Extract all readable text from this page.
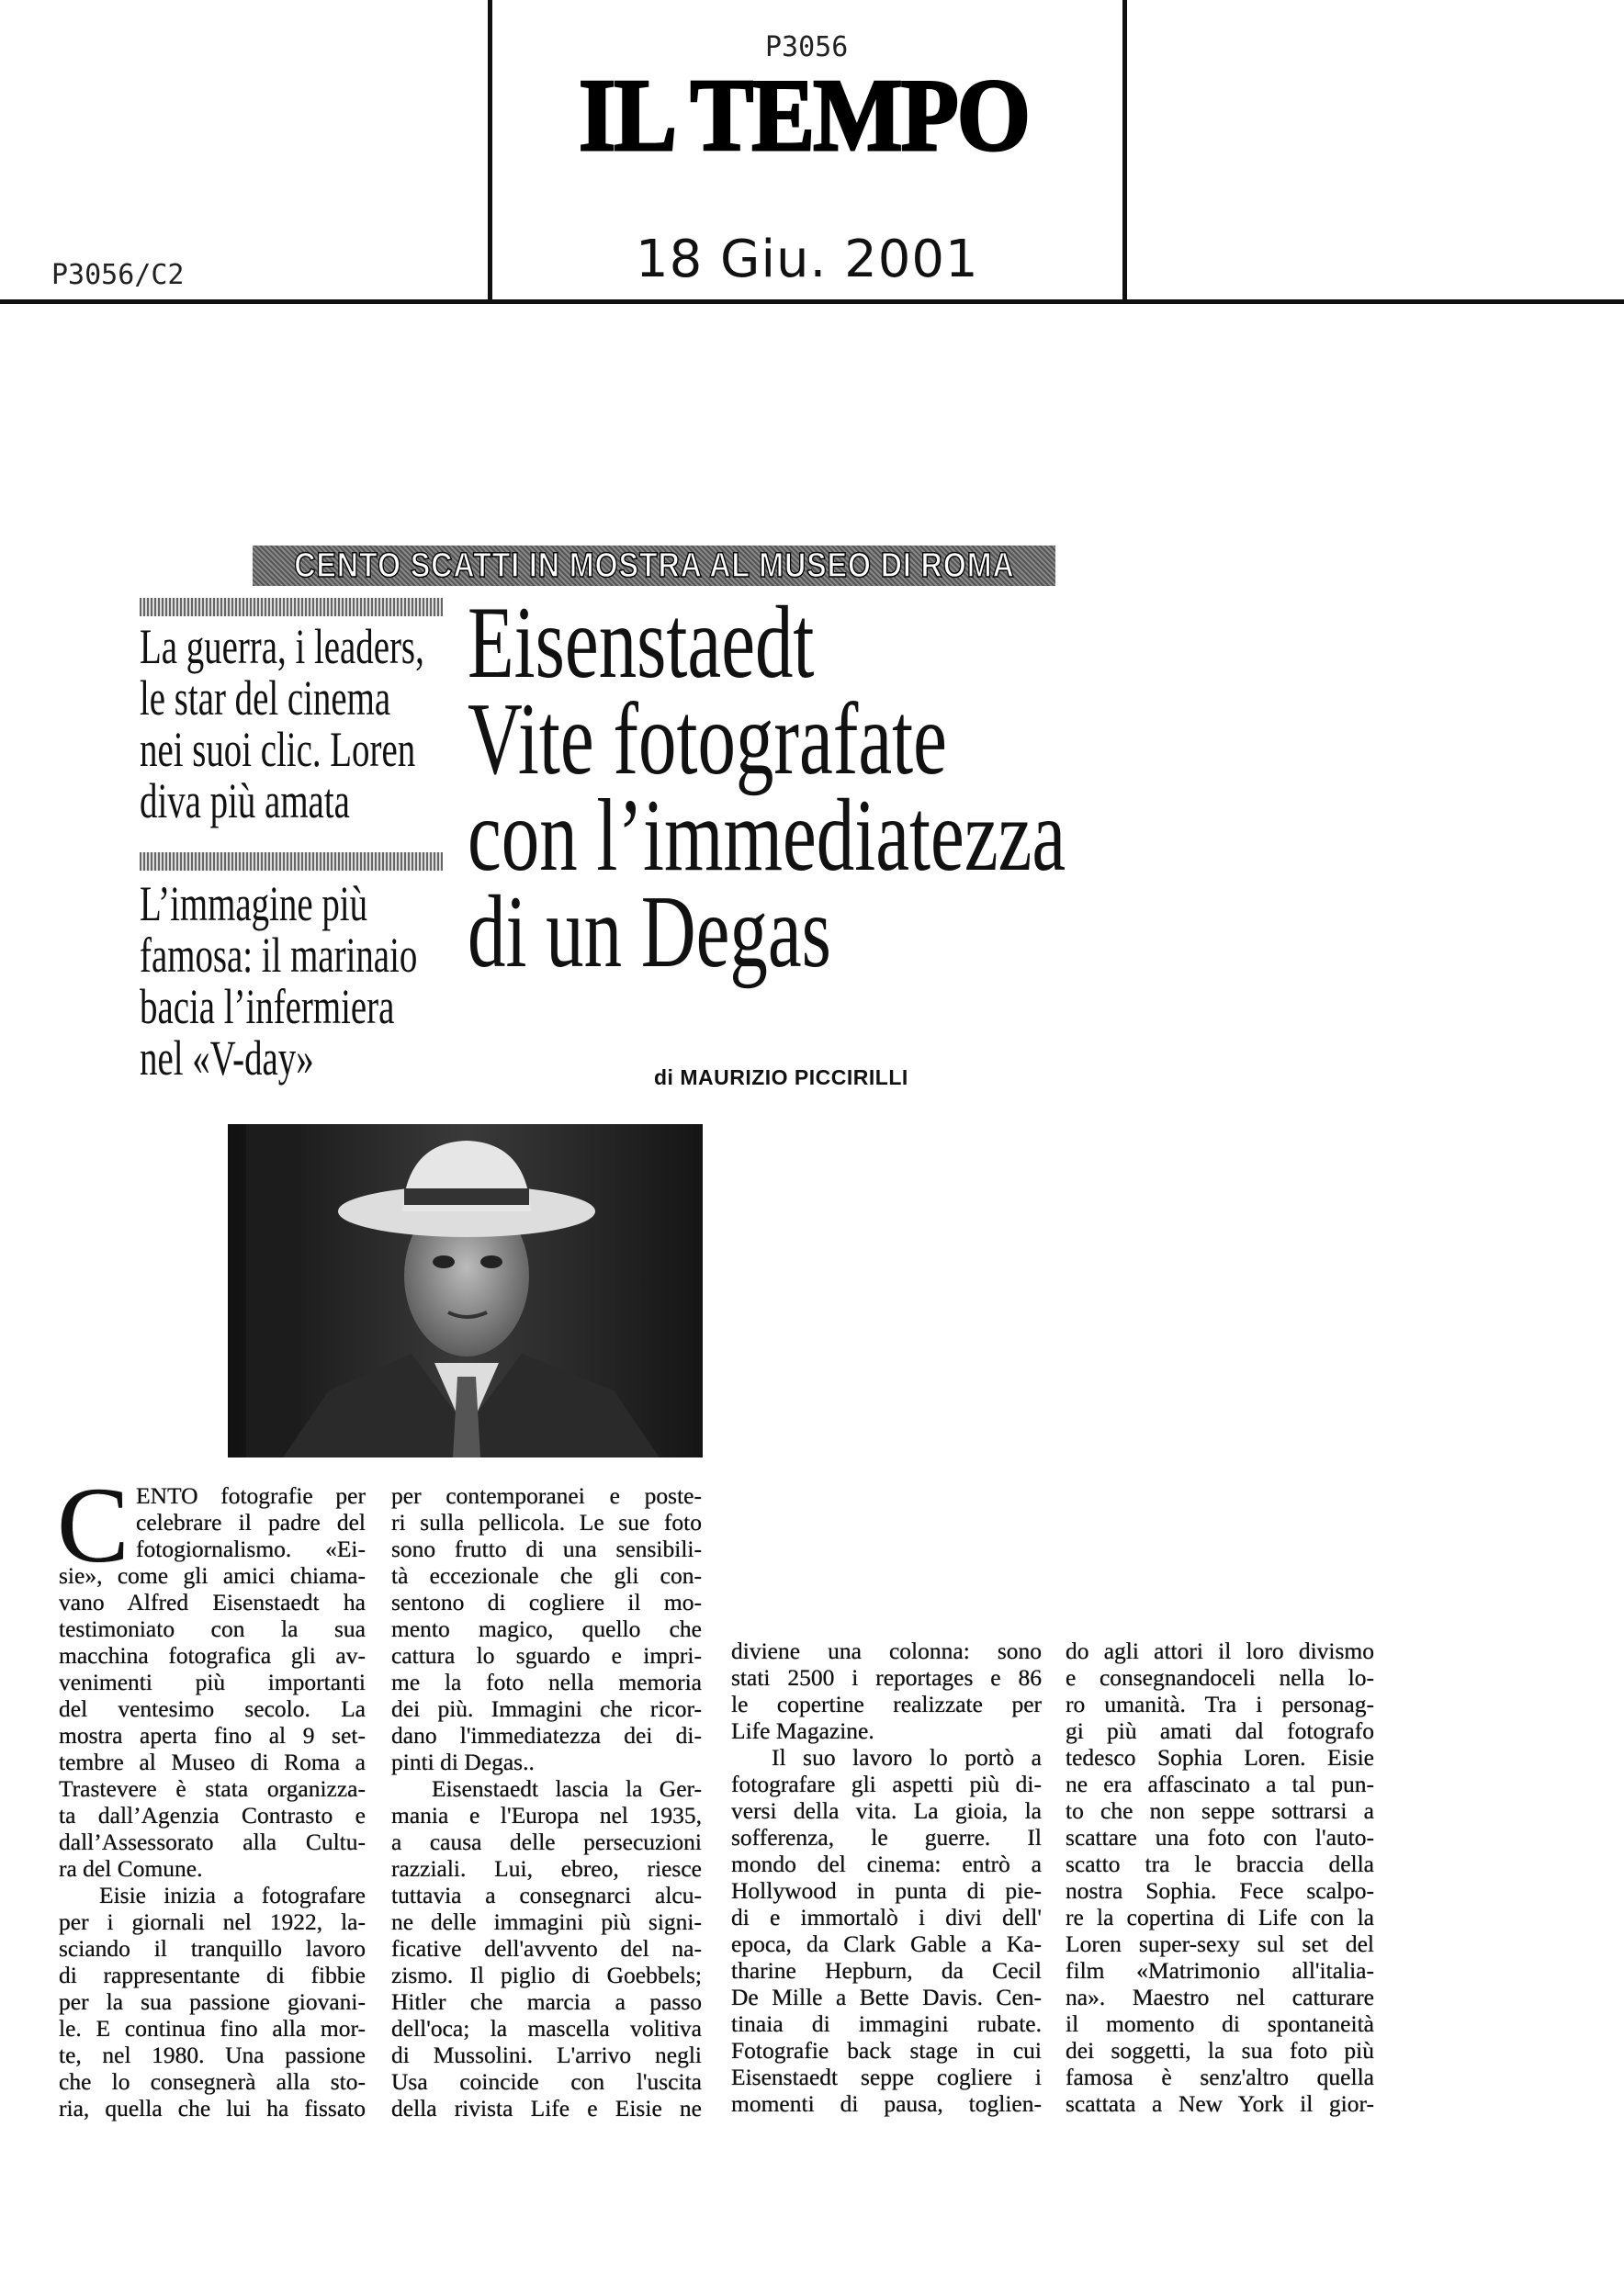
P3056
P3056/C2
IL TEMPO
18 Giu. 2001
CENTO SCATTI IN MOSTRA AL MUSEO DI ROMA
La guerra, i leaders,
le star del cinema
nei suoi clic. Loren
diva più amata
L’immagine più
famosa: il marinaio
bacia l’infermiera
nel «V-day»
Eisenstaedt
Vite fotografate
con l’immediatezza
di un Degas
di MAURIZIO PICCIRILLI
C ENTO fotografie per
celebrare il padre del
fotogiornalismo. «Ei-
sie», come gli amici chiama-
vano Alfred Eisenstaedt ha
testimoniato con la sua
macchina fotografica gli av-
venimenti più importanti
del ventesimo secolo. La
mostra aperta fino al 9 set-
tembre al Museo di Roma a
Trastevere è stata organizza-
ta dall’Agenzia Contrasto e
dall’Assessorato alla Cultu-
ra del Comune.
Eisie inizia a fotografare
per i giornali nel 1922, la-
sciando il tranquillo lavoro
di rappresentante di fibbie
per la sua passione giovani-
le. E continua fino alla mor-
te, nel 1980. Una passione
che lo consegnerà alla sto-
ria, quella che lui ha fissato
per contemporanei e poste-
ri sulla pellicola. Le sue foto
sono frutto di una sensibili-
tà eccezionale che gli con-
sentono di cogliere il mo-
mento magico, quello che
cattura lo sguardo e impri-
me la foto nella memoria
dei più. Immagini che ricor-
dano l'immediatezza dei di-
pinti di Degas..
Eisenstaedt lascia la Ger-
mania e l'Europa nel 1935,
a causa delle persecuzioni
razziali. Lui, ebreo, riesce
tuttavia a consegnarci alcu-
ne delle immagini più signi-
ficative dell'avvento del na-
zismo. Il piglio di Goebbels;
Hitler che marcia a passo
dell'oca; la mascella volitiva
di Mussolini. L'arrivo negli
Usa coincide con l'uscita
della rivista Life e Eisie ne
diviene una colonna: sono
stati 2500 i reportages e 86
le copertine realizzate per
Life Magazine.
Il suo lavoro lo portò a
fotografare gli aspetti più di-
versi della vita. La gioia, la
sofferenza, le guerre. Il
mondo del cinema: entrò a
Hollywood in punta di pie-
di e immortalò i divi dell'
epoca, da Clark Gable a Ka-
tharine Hepburn, da Cecil
De Mille a Bette Davis. Cen-
tinaia di immagini rubate.
Fotografie back stage in cui
Eisenstaedt seppe cogliere i
momenti di pausa, toglien-
do agli attori il loro divismo
e consegnandoceli nella lo-
ro umanità. Tra i personag-
gi più amati dal fotografo
tedesco Sophia Loren. Eisie
ne era affascinato a tal pun-
to che non seppe sottrarsi a
scattare una foto con l'auto-
scatto tra le braccia della
nostra Sophia. Fece scalpo-
re la copertina di Life con la
Loren super-sexy sul set del
film «Matrimonio all'italia-
na». Maestro nel catturare
il momento di spontaneità
dei soggetti, la sua foto più
famosa è senz'altro quella
scattata a New York il gior-
